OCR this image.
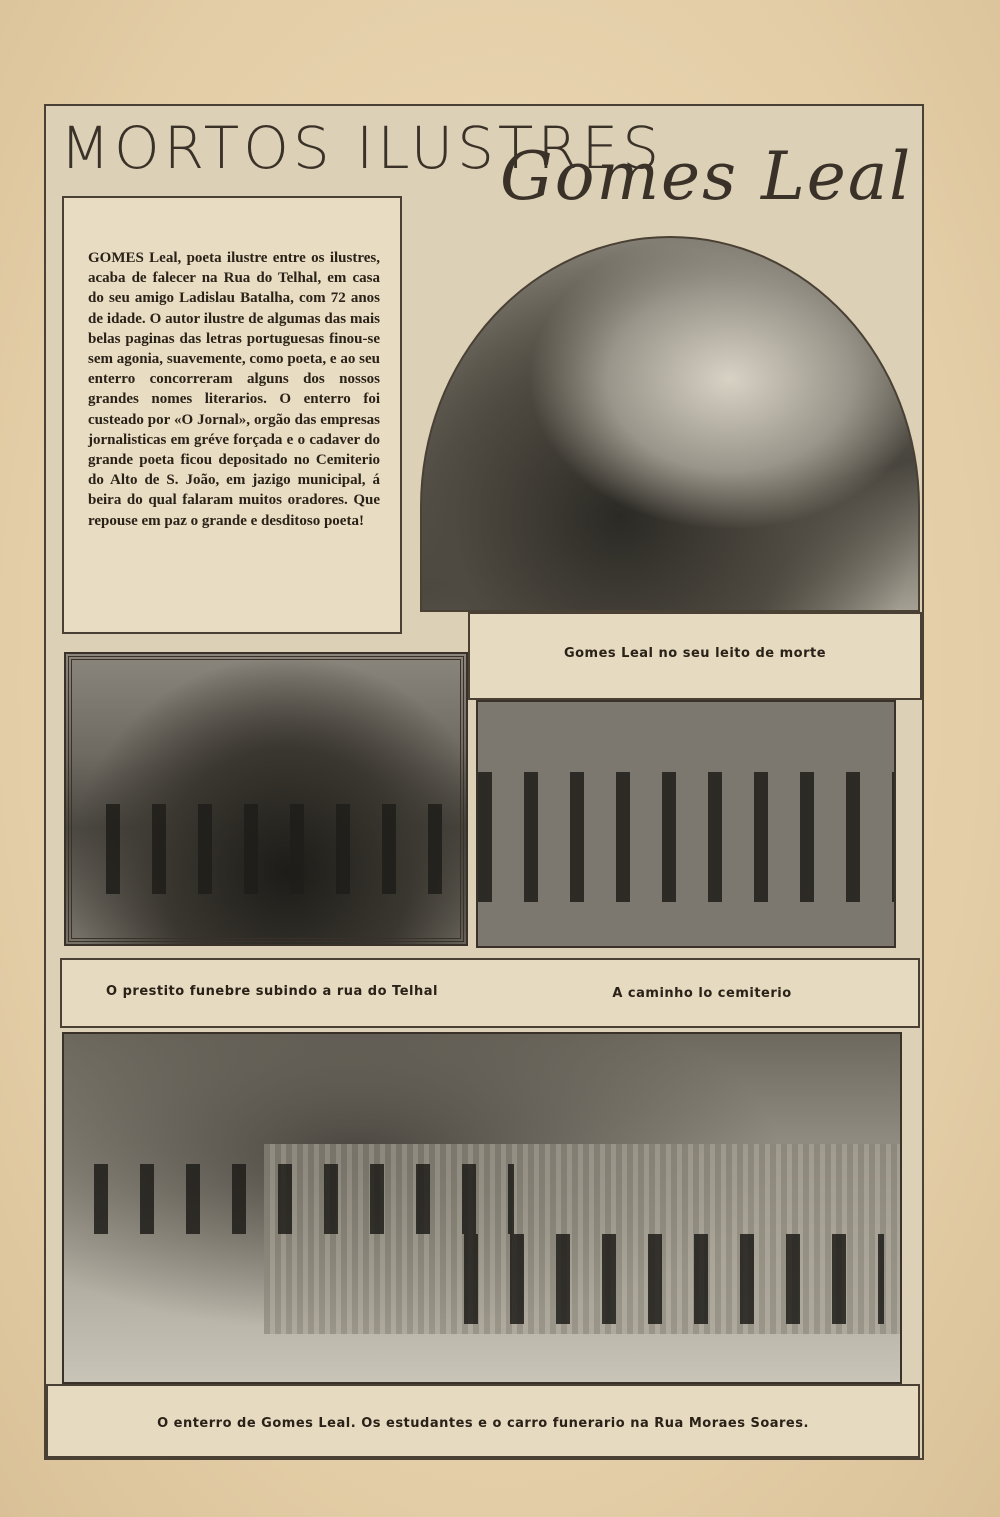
MORTOS ILUSTRES
Gomes Leal

GOMES Leal, poeta ilustre entre os ilustres, acaba de falecer na Rua do Telhal, em casa do seu amigo Ladislau Batalha, com 72 anos de idade. O autor ilustre de algumas das mais belas paginas das letras portuguesas finou-se sem agonia, suavemente, como poeta, e ao seu enterro concorreram alguns dos nossos grandes nomes literarios. O enterro foi custeado por «O Jornal», orgão das empresas jornalisticas em gréve forçada e o cadaver do grande poeta ficou depositado no Cemiterio do Alto de S. João, em jazigo municipal, á beira do qual falaram muitos oradores. Que repouse em paz o grande e desditoso poeta!

Gomes Leal no seu leito de morte
O prestito funebre subindo a rua do Telhal	A caminho lo cemiterio
O enterro de Gomes Leal. Os estudantes e o carro funerario na Rua Moraes Soares.
